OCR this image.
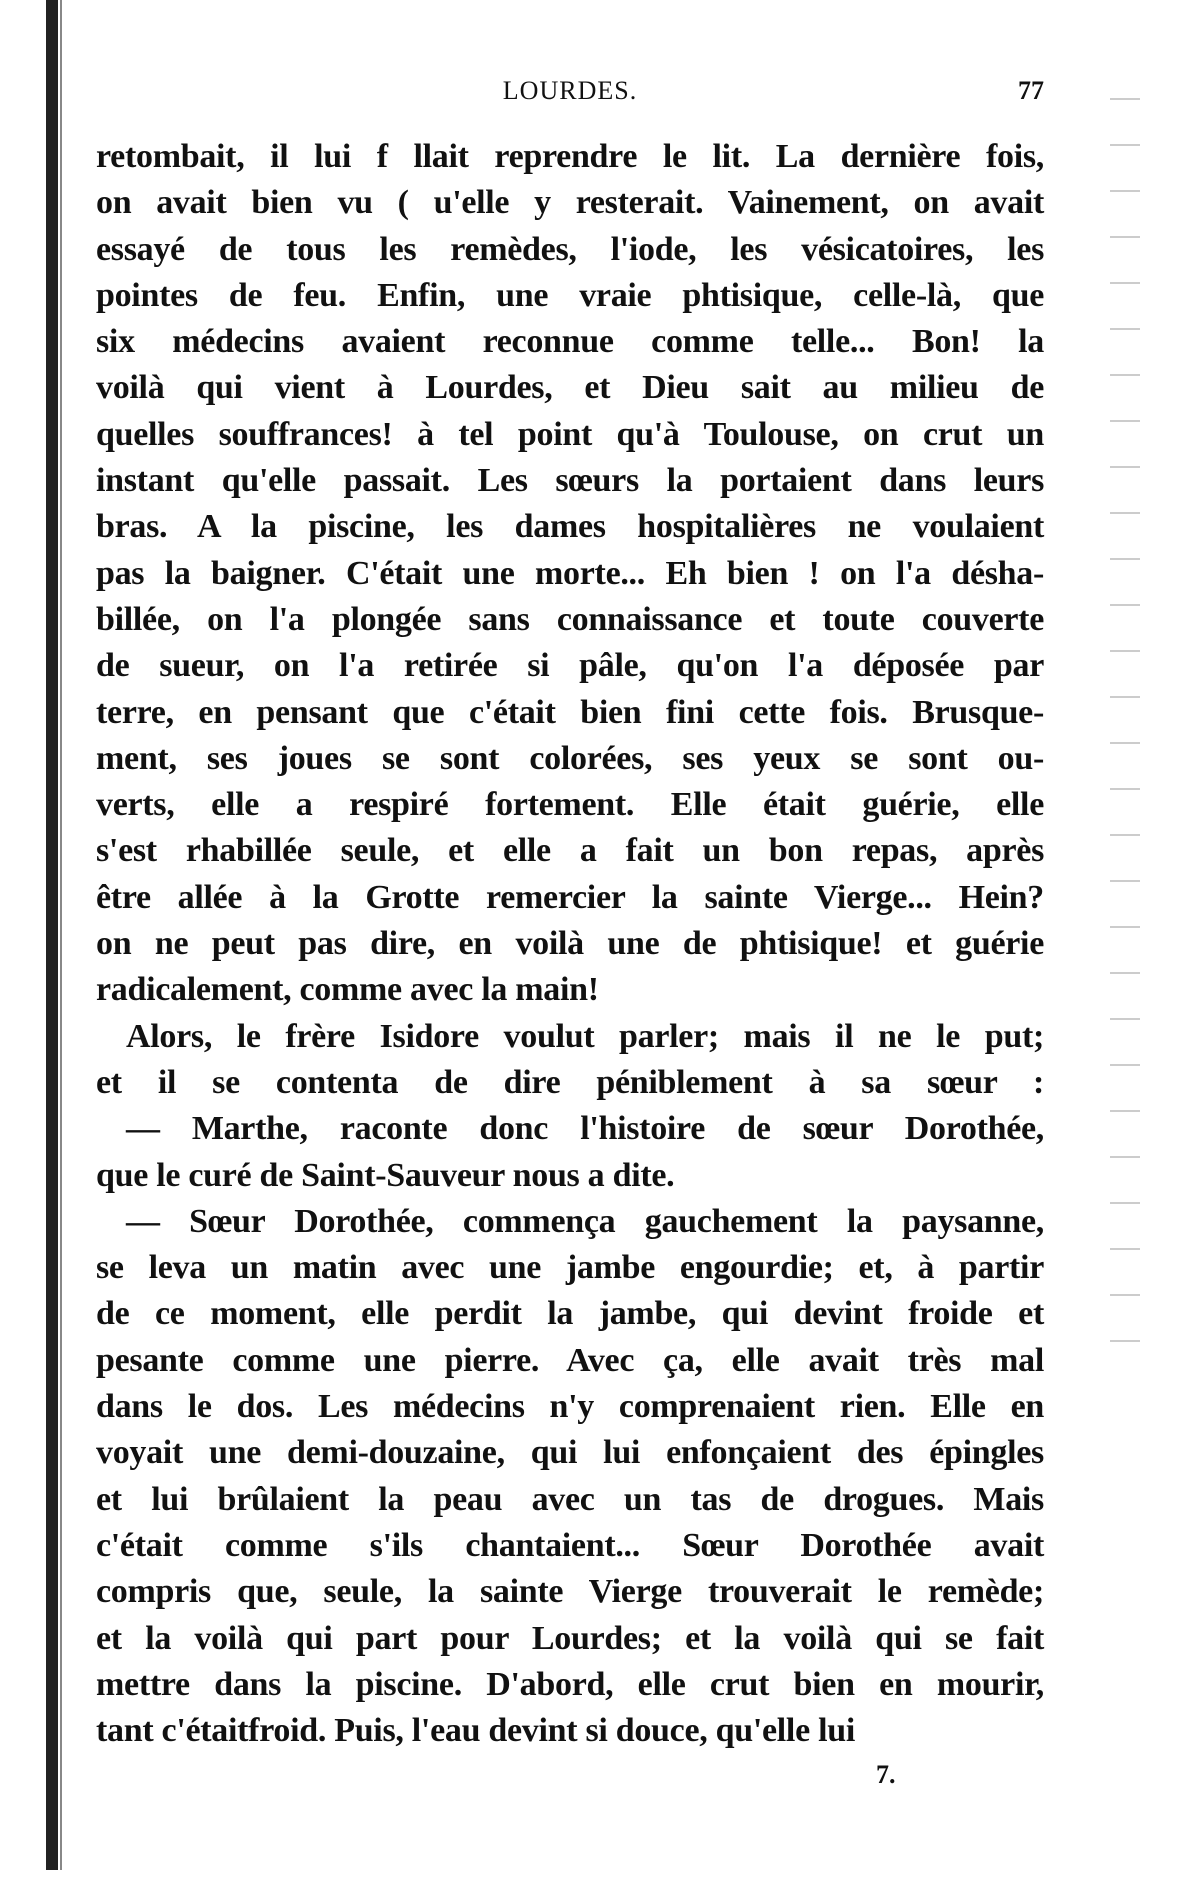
LOURDES.	77
retombait, il lui f llait reprendre le lit. La dernière fois,
on avait bien vu ( u'elle y resterait. Vainement, on avait
essayé de tous les remèdes, l'iode, les vésicatoires, les
pointes de feu. Enfin, une vraie phtisique, celle-là, que
six médecins avaient reconnue comme telle... Bon! la
voilà qui vient à Lourdes, et Dieu sait au milieu de
quelles souffrances! à tel point qu'à Toulouse, on crut un
instant qu'elle passait. Les sœurs la portaient dans leurs
bras. A la piscine, les dames hospitalières ne voulaient
pas la baigner. C'était une morte... Eh bien ! on l'a désha-
billée, on l'a plongée sans connaissance et toute couverte
de sueur, on l'a retirée si pâle, qu'on l'a déposée par
terre, en pensant que c'était bien fini cette fois. Brusque-
ment, ses joues se sont colorées, ses yeux se sont ou-
verts, elle a respiré fortement. Elle était guérie, elle
s'est rhabillée seule, et elle a fait un bon repas, après
être allée à la Grotte remercier la sainte Vierge... Hein?
on ne peut pas dire, en voilà une de phtisique! et guérie
radicalement, comme avec la main!
Alors, le frère Isidore voulut parler; mais il ne le put;
et il se contenta de dire péniblement à sa sœur :
— Marthe, raconte donc l'histoire de sœur Dorothée,
que le curé de Saint-Sauveur nous a dite.
— Sœur Dorothée, commença gauchement la paysanne,
se leva un matin avec une jambe engourdie; et, à partir
de ce moment, elle perdit la jambe, qui devint froide et
pesante comme une pierre. Avec ça, elle avait très mal
dans le dos. Les médecins n'y comprenaient rien. Elle en
voyait une demi-douzaine, qui lui enfonçaient des épingles
et lui brûlaient la peau avec un tas de drogues. Mais
c'était comme s'ils chantaient... Sœur Dorothée avait
compris que, seule, la sainte Vierge trouverait le remède;
et la voilà qui part pour Lourdes; et la voilà qui se fait
mettre dans la piscine. D'abord, elle crut bien en mourir,
tant c'étaitfroid. Puis, l'eau devint si douce, qu'elle lui
7.
